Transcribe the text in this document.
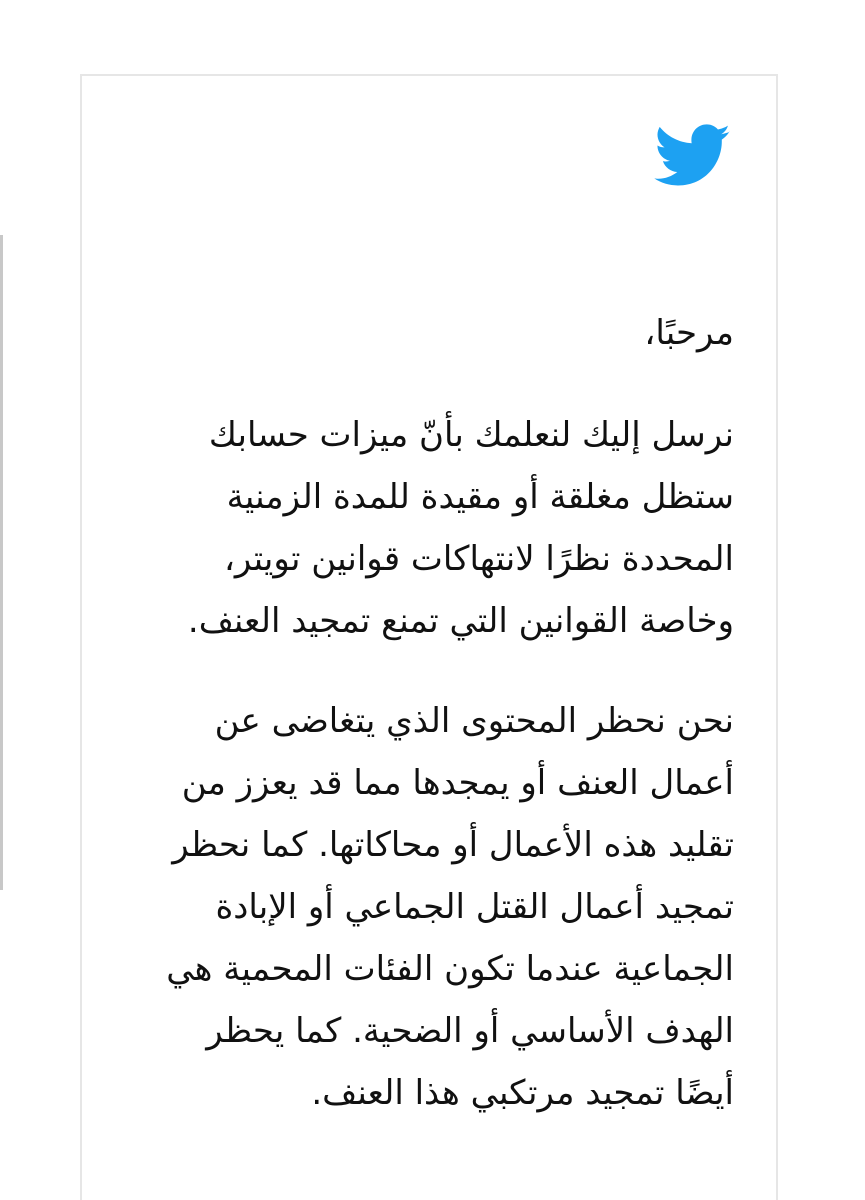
مرحبًا،

نرسل إليك لنعلمك بأنّ ميزات حسابك ستظل مغلقة أو مقيدة للمدة الزمنية المحددة نظرًا لانتهاكات قوانين تويتر، وخاصة القوانين التي تمنع تمجيد العنف.

نحن نحظر المحتوى الذي يتغاضى عن أعمال العنف أو يمجدها مما قد يعزز من تقليد هذه الأعمال أو محاكاتها. كما نحظر تمجيد أعمال القتل الجماعي أو الإبادة الجماعية عندما تكون الفئات المحمية هي الهدف الأساسي أو الضحية. كما يحظر أيضًا تمجيد مرتكبي هذا العنف.
